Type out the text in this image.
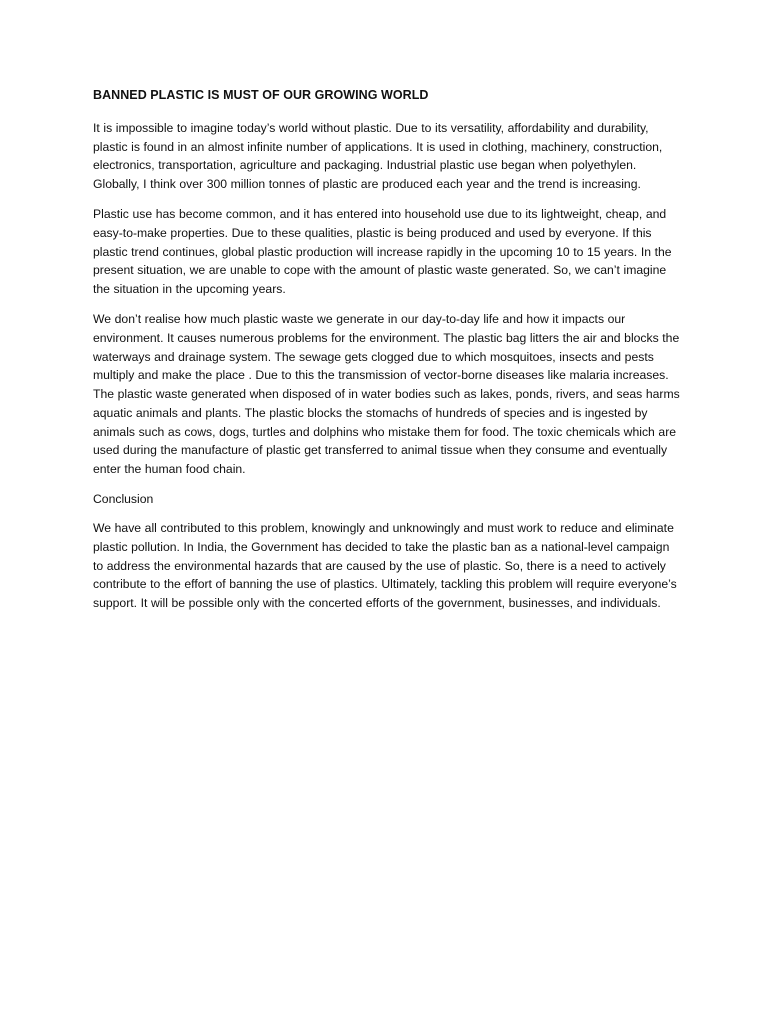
BANNED PLASTIC IS MUST OF OUR GROWING WORLD

It is impossible to imagine today’s world without plastic. Due to its versatility, affordability and durability, plastic is found in an almost infinite number of applications. It is used in clothing, machinery, construction, electronics, transportation, agriculture and packaging. Industrial plastic use began when polyethylen. Globally, I think over 300 million tonnes of plastic are produced each year and the trend is increasing.

Plastic use has become common, and it has entered into household use due to its lightweight, cheap, and easy-to-make properties. Due to these qualities, plastic is being produced and used by everyone. If this plastic trend continues, global plastic production will increase rapidly in the upcoming 10 to 15 years. In the present situation, we are unable to cope with the amount of plastic waste generated. So, we can’t imagine the situation in the upcoming years.

We don’t realise how much plastic waste we generate in our day-to-day life and how it impacts our environment. It causes numerous problems for the environment. The plastic bag litters the air and blocks the waterways and drainage system. The sewage gets clogged due to which mosquitoes, insects and pests multiply and make the place . Due to this the transmission of vector-borne diseases like malaria increases. The plastic waste generated when disposed of in water bodies such as lakes, ponds, rivers, and seas harms aquatic animals and plants. The plastic blocks the stomachs of hundreds of species and is ingested by animals such as cows, dogs, turtles and dolphins who mistake them for food. The toxic chemicals which are used during the manufacture of plastic get transferred to animal tissue when they consume and eventually enter the human food chain.

Conclusion

We have all contributed to this problem, knowingly and unknowingly and must work to reduce and eliminate plastic pollution. In India, the Government has decided to take the plastic ban as a national-level campaign to address the environmental hazards that are caused by the use of plastic. So, there is a need to actively contribute to the effort of banning the use of plastics. Ultimately, tackling this problem will require everyone’s support. It will be possible only with the concerted efforts of the government, businesses, and individuals.
